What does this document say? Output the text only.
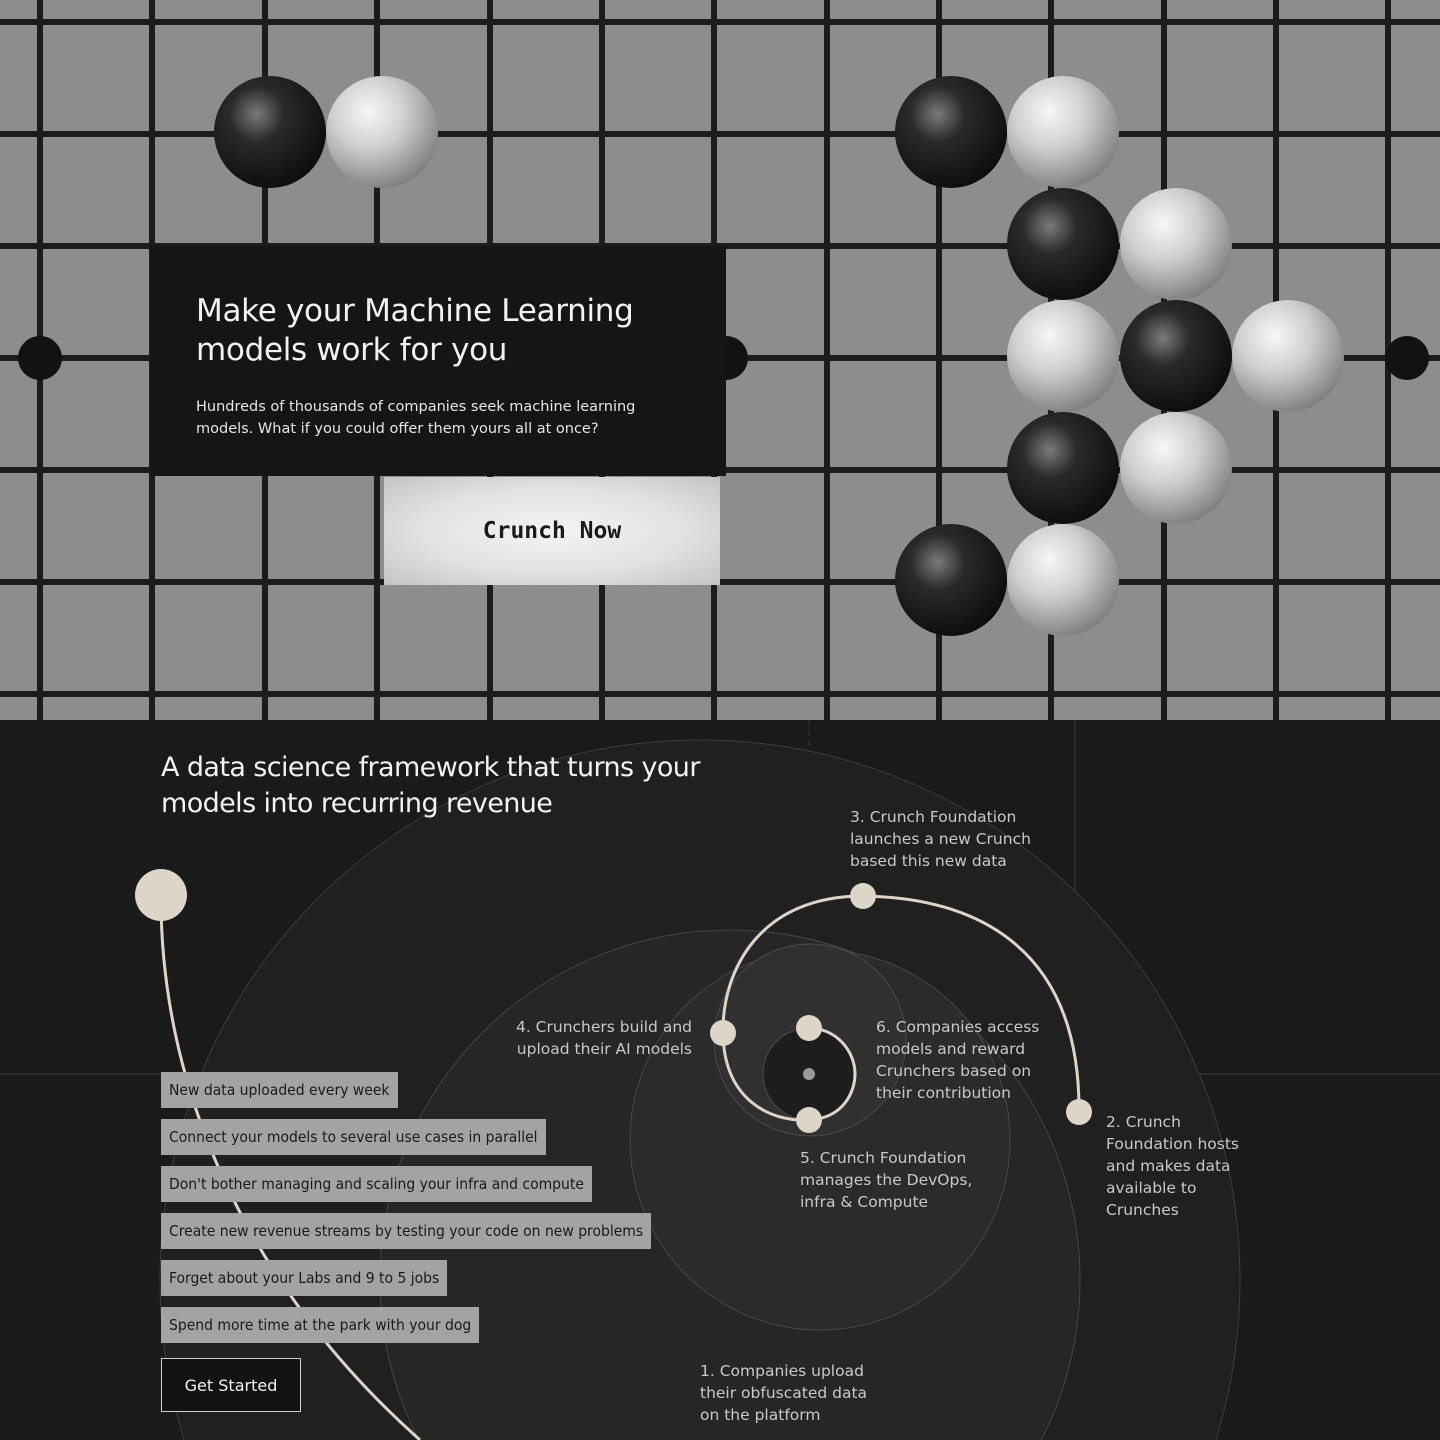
Make your Machine Learning models work for you

Hundreds of thousands of companies seek machine learning models. What if you could offer them yours all at once?

Crunch Now
A data science framework that turns your models into recurring revenue

1. Companies upload
their obfuscated data
on the platform

2. Crunch
Foundation hosts
and makes data
available to
Crunches

3. Crunch Foundation
launches a new Crunch
based this new data

4. Crunchers build and
upload their AI models

5. Crunch Foundation
manages the DevOps,
infra & Compute

6. Companies access
models and reward
Crunchers based on
their contribution

New data uploaded every week
Connect your models to several use cases in parallel
Don't bother managing and scaling your infra and compute
Create new revenue streams by testing your code on new problems
Forget about your Labs and 9 to 5 jobs
Spend more time at the park with your dog
Get Started
